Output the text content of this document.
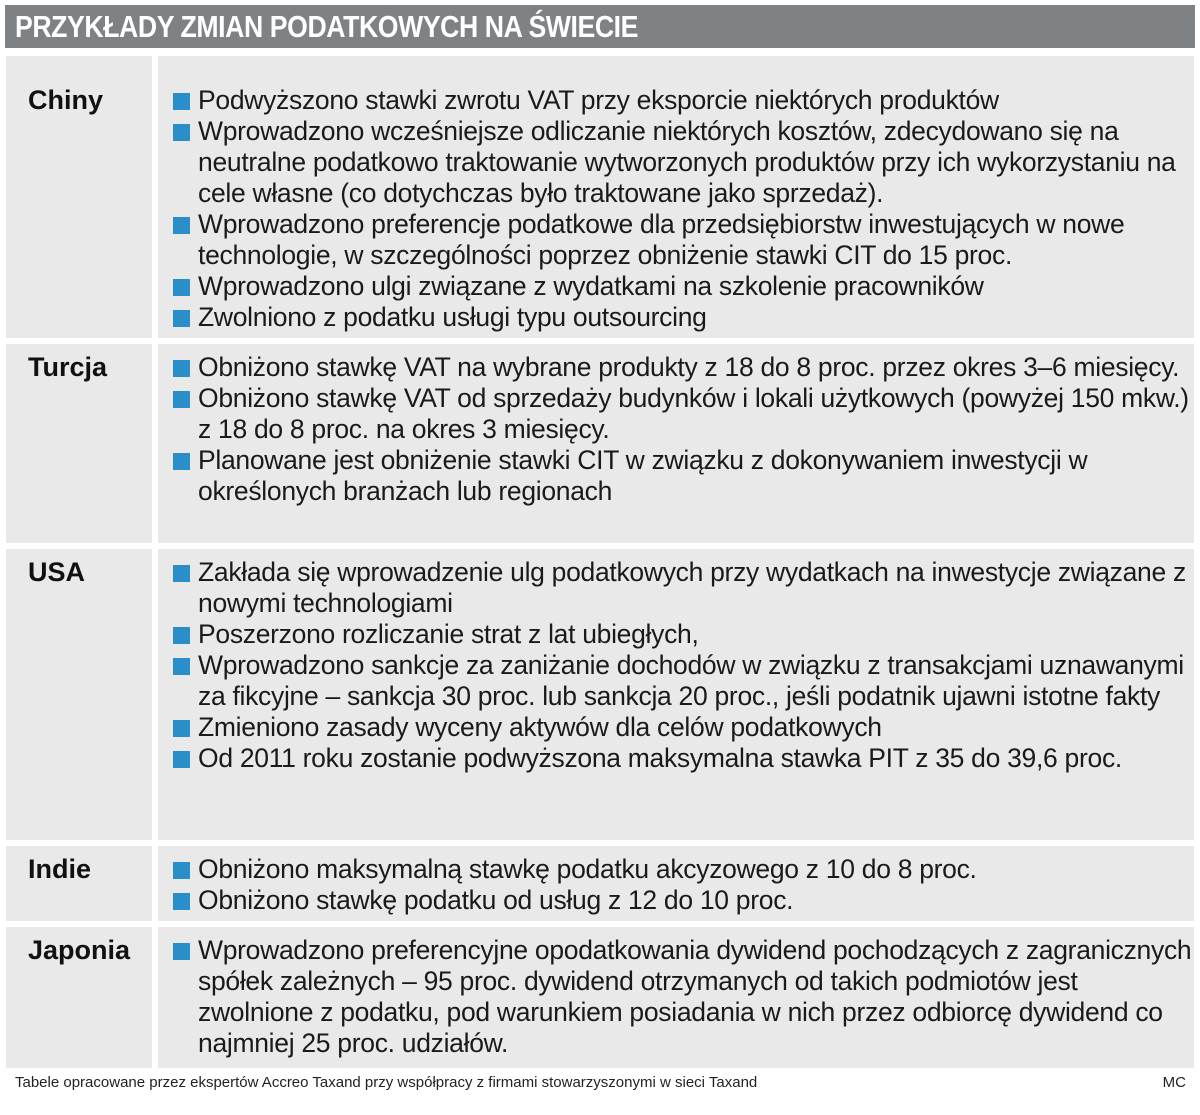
PRZYKŁADY ZMIAN PODATKOWYCH NA ŚWIECIE
Chiny	Podwyższono stawki zwrotu VAT przy eksporcie niektórych produktów
Wprowadzono wcześniejsze odliczanie niektórych kosztów, zdecydowano się na neutralne podatkowo traktowanie wytworzonych produktów przy ich wykorzystaniu na cele własne (co dotychczas było traktowane jako sprzedaż).
Wprowadzono preferencje podatkowe dla przedsiębiorstw inwestujących w nowe technologie, w szczególności poprzez obniżenie stawki CIT do 15 proc.
Wprowadzono ulgi związane z wydatkami na szkolenie pracowników
Zwolniono z podatku usługi typu outsourcing
Turcja	Obniżono stawkę VAT na wybrane produkty z 18 do 8 proc. przez okres 3–6 miesięcy.
Obniżono stawkę VAT od sprzedaży budynków i lokali użytkowych (powyżej 150 mkw.) z 18 do 8 proc. na okres 3 miesięcy.
Planowane jest obniżenie stawki CIT w związku z dokonywaniem inwestycji w określonych branżach lub regionach
USA	Zakłada się wprowadzenie ulg podatkowych przy wydatkach na inwestycje związane z nowymi technologiami
Poszerzono rozliczanie strat z lat ubiegłych,
Wprowadzono sankcje za zaniżanie dochodów w związku z transakcjami uznawanymi za fikcyjne – sankcja 30 proc. lub sankcja 20 proc., jeśli podatnik ujawni istotne fakty
Zmieniono zasady wyceny aktywów dla celów podatkowych
Od 2011 roku zostanie podwyższona maksymalna stawka PIT z 35 do 39,6 proc.
Indie	Obniżono maksymalną stawkę podatku akcyzowego z 10 do 8 proc.
Obniżono stawkę podatku od usług z 12 do 10 proc.
Japonia	Wprowadzono preferencyjne opodatkowania dywidend pochodzących z zagranicznych spółek zależnych – 95 proc. dywidend otrzymanych od takich podmiotów jest zwolnione z podatku, pod warunkiem posiadania w nich przez odbiorcę dywidend co najmniej 25 proc. udziałów.
Tabele opracowane przez ekspertów Accreo Taxand przy współpracy z firmami stowarzyszonymi w sieci Taxand	MC
